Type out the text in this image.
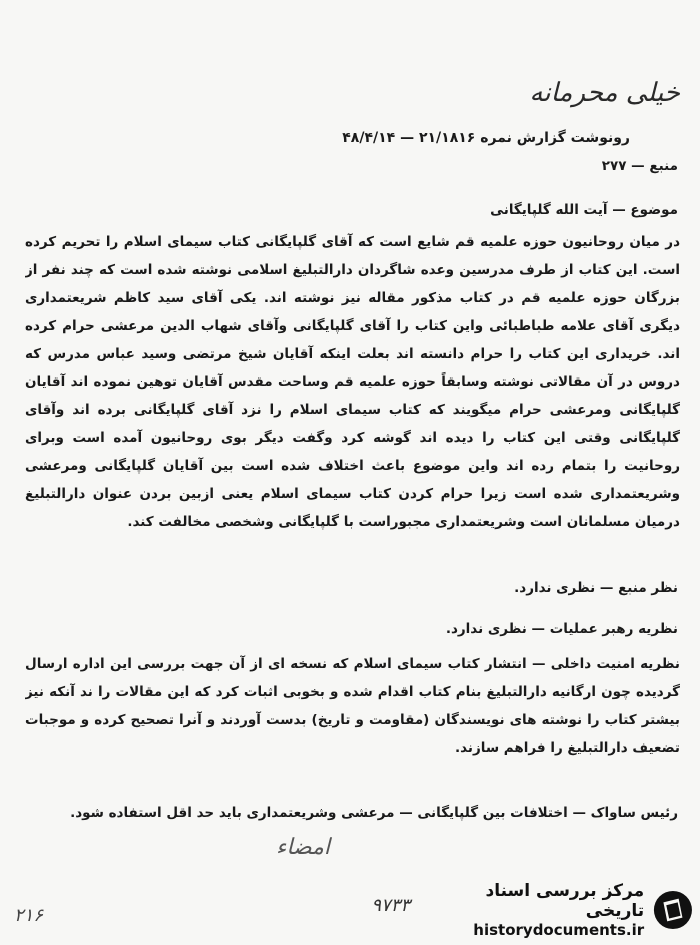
خیلی محرمانه
رونوشت گزارش نمره ۲۱/۱۸۱۶ — ۴۸/۴/۱۴
منبع — ۲۷۷
موضوع — آیت الله گلپایگانی
در میان روحانیون حوزه علمیه قم شایع است که آقای گلپایگانی کتاب سیمای اسلام را تحریم کرده است. این کتاب از طرف مدرسین وعده شاگردان دارالتبلیغ اسلامی نوشته شده است که چند نفر از بزرگان حوزه علمیه قم در کتاب مذکور مقاله نیز نوشته اند. یکی آقای سید کاظم شریعتمداری دیگری آقای علامه طباطبائی واین کتاب را آقای گلپایگانی وآقای شهاب الدین مرعشی حرام کرده اند. خریداری این کتاب را حرام دانسته اند بعلت اینکه آقایان شیخ مرتضی وسید عباس مدرس که دروس در آن مقالاتی نوشته وسابقاً حوزه علمیه قم وساحت مقدس آقایان توهین نموده اند آقایان گلپایگانی ومرعشی حرام میگویند که کتاب سیمای اسلام را نزد آقای گلپایگانی برده اند وآقای گلپایگانی وقتی این کتاب را دیده اند گوشه کرد وگفت دیگر بوی روحانیون آمده است وبرای روحانیت را بتمام رده اند واین موضوع باعث اختلاف شده است بین آقایان گلپایگانی ومرعشی وشریعتمداری شده است زیرا حرام کردن کتاب سیمای اسلام یعنی ازبین بردن عنوان دارالتبلیغ درمیان مسلمانان است وشریعتمداری مجبوراست با گلپایگانی وشخصی مخالفت کند.
نظر منبع — نظری ندارد.
نظریه رهبر عملیات — نظری ندارد.
نظریه امنیت داخلی — انتشار کتاب سیمای اسلام که نسخه ای از آن جهت بررسی این اداره ارسال گردیده چون ارگانیه دارالتبلیغ بنام کتاب اقدام شده و بخوبی اثبات کرد که این مقالات را ند آنکه نیز بیشتر کتاب را نوشته های نویسندگان (مقاومت و تاریخ) بدست آوردند و آنرا تصحیح کرده و موجبات تضعیف دارالتبلیغ را فراهم سازند.
رئیس ساواک — اختلافات بین گلپایگانی — مرعشی وشریعتمداری باید حد اقل استفاده شود.
امضاء
۹۷۳۳
۲۱۶
مرکز بررسی اسناد تاریخی
historydocuments.ir
